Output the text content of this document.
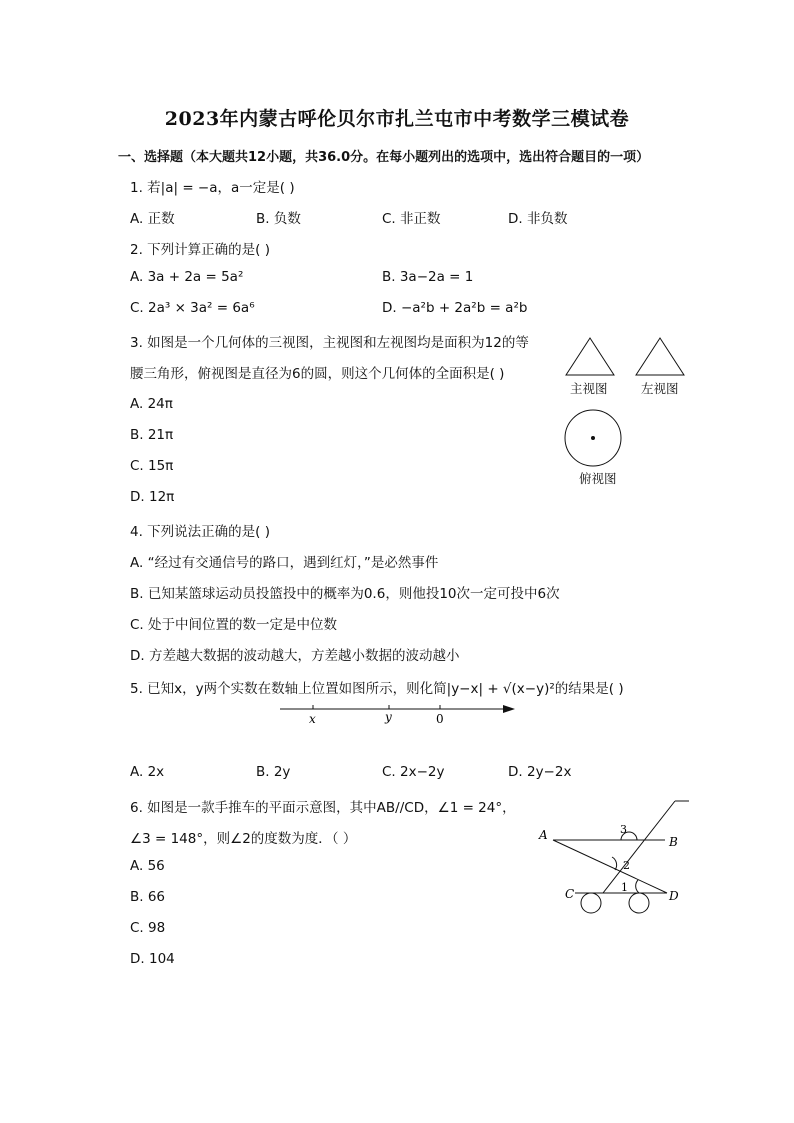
2023年内蒙古呼伦贝尔市扎兰屯市中考数学三模试卷
一、选择题（本大题共12小题，共36.0分。在每小题列出的选项中，选出符合题目的一项）
1. 若|a| = −a，a一定是( )
A. 正数	B. 负数	C. 非正数	D. 非负数
2. 下列计算正确的是( )
A. 3a + 2a = 5a²	B. 3a−2a = 1
C. 2a³ × 3a² = 6a⁶	D. −a²b + 2a²b = a²b
3. 如图是一个几何体的三视图，主视图和左视图均是面积为12的等
腰三角形，俯视图是直径为6的圆，则这个几何体的全面积是( )
A. 24π
B. 21π
C. 15π
D. 12π
主视图	左视图
俯视图
4. 下列说法正确的是( )
A. “经过有交通信号的路口，遇到红灯，”是必然事件
B. 已知某篮球运动员投篮投中的概率为0.6，则他投10次一定可投中6次
C. 处于中间位置的数一定是中位数
D. 方差越大数据的波动越大，方差越小数据的波动越小
5. 已知x，y两个实数在数轴上位置如图所示，则化简|y−x| + √(x−y)²的结果是( )
x	y	0
A. 2x	B. 2y	C. 2x−2y	D. 2y−2x
6. 如图是一款手推车的平面示意图，其中AB//CD，∠1 = 24°，
∠3 = 148°，则∠2的度数为度．（ ）
A. 56
B. 66
C. 98
D. 104
A	B
C	D
1
2
3
